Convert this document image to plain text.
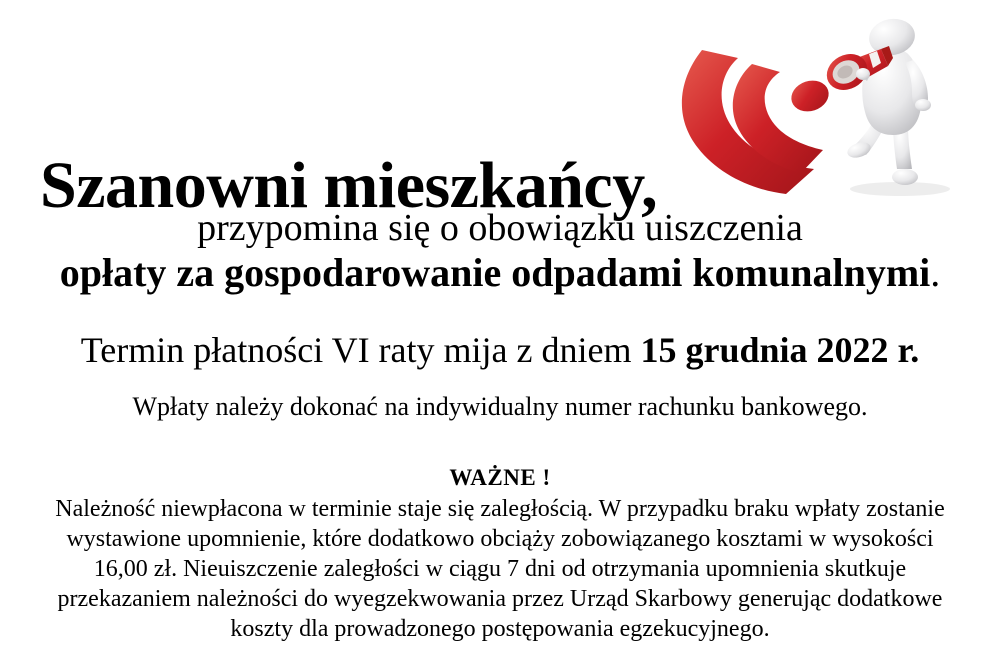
Szanowni mieszkańcy,
przypomina się o obowiązku uiszczenia
opłaty za gospodarowanie odpadami komunalnymi.
Termin płatności VI raty mija z dniem 15 grudnia 2022 r.
Wpłaty należy dokonać na indywidualny numer rachunku bankowego.
WAŻNE !
Należność niewpłacona w terminie staje się zaległością. W przypadku braku wpłaty zostanie
wystawione upomnienie, które dodatkowo obciąży zobowiązanego kosztami w wysokości
16,00 zł. Nieuiszczenie zaległości w ciągu 7 dni od otrzymania upomnienia skutkuje
przekazaniem należności do wyegzekwowania przez Urząd Skarbowy generując dodatkowe
koszty dla prowadzonego postępowania egzekucyjnego.
